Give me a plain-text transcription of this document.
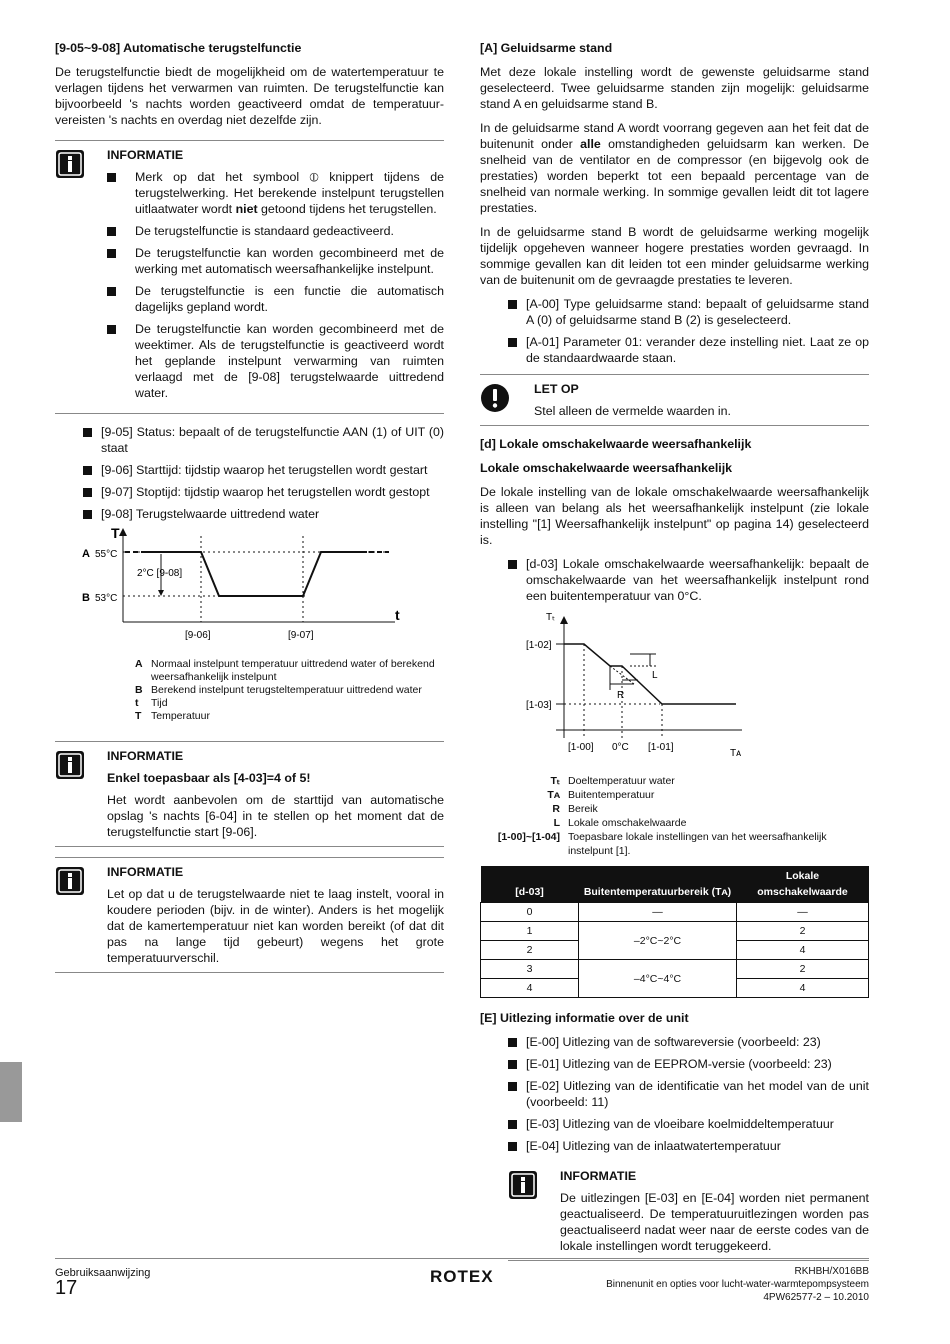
[9-05~9-08] Automatische terugstelfunctie

De terugstelfunctie biedt de mogelijkheid om de watertemperatuur te verlagen tijdens het verwarmen van ruimten. De terugstelfunctie kan bijvoorbeeld 's nachts worden geactiveerd omdat de temperatuur-vereisten 's nachts en overdag niet dezelfde zijn.

INFORMATIE
Merk op dat het symbool ⦶ knippert tijdens de terugstelwerking. Het berekende instelpunt terugstellen uitlaatwater wordt niet getoond tijdens het terugstellen.
De terugstelfunctie is standaard gedeactiveerd.
De terugstelfunctie kan worden gecombineerd met de werking met automatisch weersafhankelijke instelpunt.
De terugstelfunctie is een functie die automatisch dagelijks gepland wordt.
De terugstelfunctie kan worden gecombineerd met de weektimer. Als de terugstelfunctie is geactiveerd wordt het geplande instelpunt verwarming van ruimten verlaagd met de [9-08] terugstelwaarde uittredend water.
[9-05] Status: bepaalt of de terugstelfunctie AAN (1) of UIT (0) staat
[9-06] Starttijd: tijdstip waarop het terugstellen wordt gestart
[9-07] Stoptijd: tijdstip waarop het terugstellen wordt gestopt
[9-08] Terugstelwaarde uittredend water
T
t
A 55°C
B 53°C
2°C [9-08]
[9-06]	[9-07]
A Normaal instelpunt temperatuur uittredend water of berekend weersafhankelijk instelpunt
B Berekend instelpunt terugsteltemperatuur uittredend water
t	Tijd
T Temperatuur
INFORMATIE
Enkel toepasbaar als [4-03]=4 of 5!

Het wordt aanbevolen om de starttijd van automatische opslag 's nachts [6-04] in te stellen op het moment dat de terugstelfunctie start [9-06].

INFORMATIE

Let op dat u de terugstelwaarde niet te laag instelt, vooral in koudere perioden (bijv. in de winter). Anders is het mogelijk dat de kamertemperatuur niet kan worden bereikt (of dat dit pas na lange tijd gebeurt) wegens het grote temperatuurverschil.

[A] Geluidsarme stand

Met deze lokale instelling wordt de gewenste geluidsarme stand geselecteerd. Twee geluidsarme standen zijn mogelijk: geluidsarme stand A en geluidsarme stand B.

In de geluidsarme stand A wordt voorrang gegeven aan het feit dat de buitenunit onder alle omstandigheden geluidsarm kan werken. De snelheid van de ventilator en de compressor (en bijgevolg ook de prestaties) worden beperkt tot een bepaald percentage van de snelheid van normale werking. In sommige gevallen leidt dit tot lagere prestaties.

In de geluidsarme stand B wordt de geluidsarme werking mogelijk tijdelijk opgeheven wanneer hogere prestaties worden gevraagd. In sommige gevallen kan dit leiden tot een minder geluidsarme werking van de buitenunit om de gevraagde prestaties te leveren.

[A-00] Type geluidsarme stand: bepaalt of geluidsarme stand A (0) of geluidsarme stand B (2) is geselecteerd.
[A-01] Parameter 01: verander deze instelling niet. Laat ze op de standaardwaarde staan.
LET OP

Stel alleen de vermelde waarden in.

[d] Lokale omschakelwaarde weersafhankelijk
Lokale omschakelwaarde weersafhankelijk

De lokale instelling van de lokale omschakelwaarde weersafhankelijk is alleen van belang als het weersafhankelijk instelpunt (zie lokale instelling "[1] Weersafhankelijk instelpunt" op pagina 14) geselecteerd is.

[d-03] Lokale omschakelwaarde weersafhankelijk: bepaalt de omschakelwaarde van het weersafhankelijk instelpunt rond een buitentemperatuur van 0°C.
Tₜ
[1-02]
[1-03]
L
R
[1-00] 0°C [1-01]
Tᴀ
Tₜ Doeltemperatuur water
Tᴀ Buitentemperatuur
R Bereik
L Lokale omschakelwaarde
[1-00]~[1-04] Toepasbare lokale instellingen van het weersafhankelijk instelpunt [1].
[d-03]	Buitentemperatuurbereik (Tᴀ)	Lokale omschakelwaarde
0	—	—
1	–2°C~2°C	2
2		4
3	–4°C~4°C	2
4		4
[E] Uitlezing informatie over de unit
[E-00] Uitlezing van de softwareversie (voorbeeld: 23)
[E-01] Uitlezing van de EEPROM-versie (voorbeeld: 23)
[E-02] Uitlezing van de identificatie van het model van de unit (voorbeeld: 11)
[E-03] Uitlezing van de vloeibare koelmiddeltemperatuur
[E-04] Uitlezing van de inlaatwatertemperatuur
INFORMATIE

De uitlezingen [E-03] en [E-04] worden niet permanent geactualiseerd. De temperatuuruitlezingen worden pas geactualiseerd nadat weer naar de eerste codes van de lokale instellingen wordt teruggekeerd.

Gebruiksaanwijzing
17
ROTEX	RKHBH/X016BB
Binnenunit en opties voor lucht-water-warmtepompsysteem
4PW62577-2 – 10.2010
